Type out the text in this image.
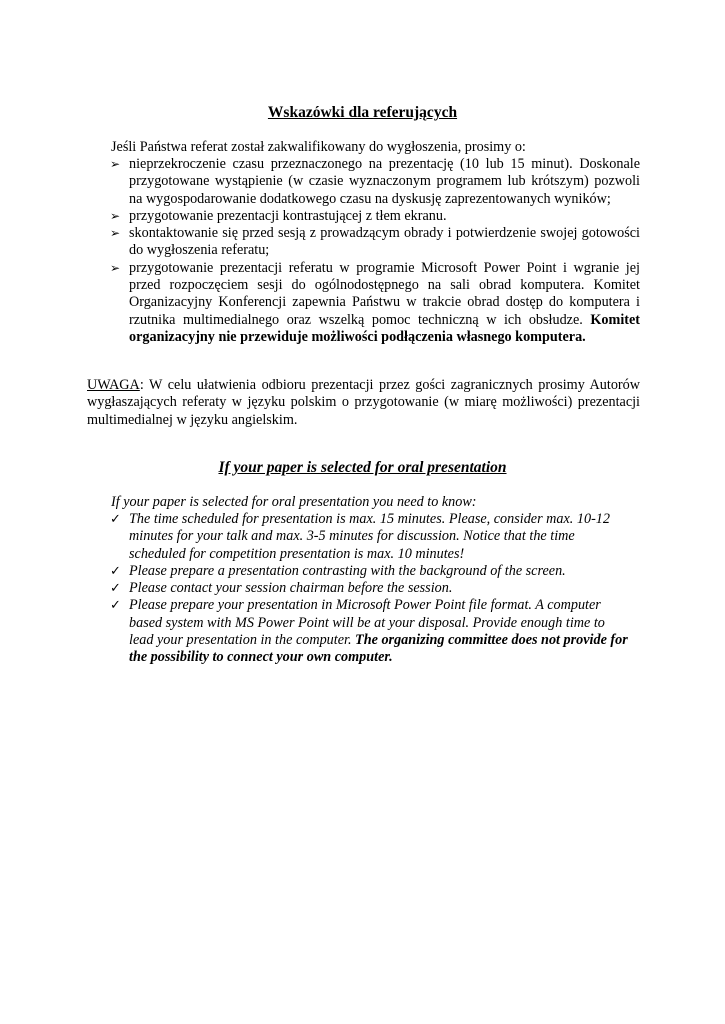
Wskazówki dla referujących
Jeśli Państwa referat został zakwalifikowany do wygłoszenia, prosimy o:
➢ nieprzekroczenie czasu przeznaczonego na prezentację (10 lub 15 minut). Doskonale przygotowane wystąpienie (w czasie wyznaczonym programem lub krótszym) pozwoli na wygospodarowanie dodatkowego czasu na dyskusję zaprezentowanych wyników;
➢ przygotowanie prezentacji kontrastującej z tłem ekranu.
➢ skontaktowanie się przed sesją z prowadzącym obrady i potwierdzenie swojej gotowości do wygłoszenia referatu;
➢ przygotowanie prezentacji referatu w programie Microsoft Power Point i wgranie jej przed rozpoczęciem sesji do ogólnodostępnego na sali obrad komputera. Komitet Organizacyjny Konferencji zapewnia Państwu w trakcie obrad dostęp do komputera i rzutnika multimedialnego oraz wszelką pomoc techniczną w ich obsłudze. Komitet organizacyjny nie przewiduje możliwości podłączenia własnego komputera.
UWAGA: W celu ułatwienia odbioru prezentacji przez gości zagranicznych prosimy Autorów wygłaszających referaty w języku polskim o przygotowanie (w miarę możliwości) prezentacji multimedialnej w języku angielskim.
If your paper is selected for oral presentation
If your paper is selected for oral presentation you need to know:
✓ The time scheduled for presentation is max. 15 minutes. Please, consider max. 10-12 minutes for your talk and max. 3-5 minutes for discussion. Notice that the time scheduled for competition presentation is max. 10 minutes!
✓ Please prepare a presentation contrasting with the background of the screen.
✓ Please contact your session chairman before the session.
✓ Please prepare your presentation in Microsoft Power Point file format. A computer based system with MS Power Point will be at your disposal. Provide enough time to lead your presentation in the computer. The organizing committee does not provide for the possibility to connect your own computer.
